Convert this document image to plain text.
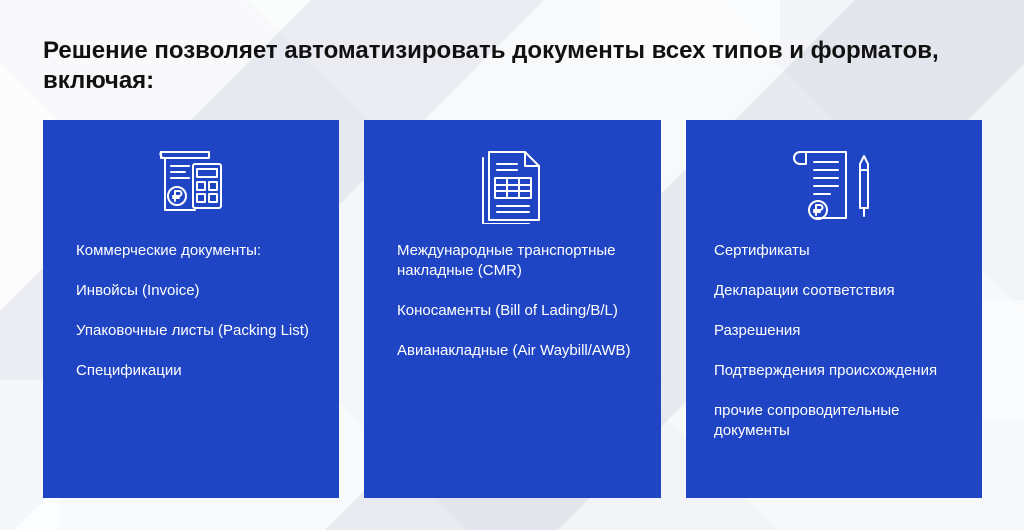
Решение позволяет автоматизировать документы всех типов и форматов, включая:
Коммерческие документы:
Инвойсы (Invoice)
Упаковочные листы (Packing List)
Спецификации
Международные транспортные накладные (CMR)
Коносаменты (Bill of Lading/B/L)
Авианакладные (Air Waybill/AWB)
Сертификаты
Декларации соответствия
Разрешения
Подтверждения происхождения
прочие сопроводительные документы
